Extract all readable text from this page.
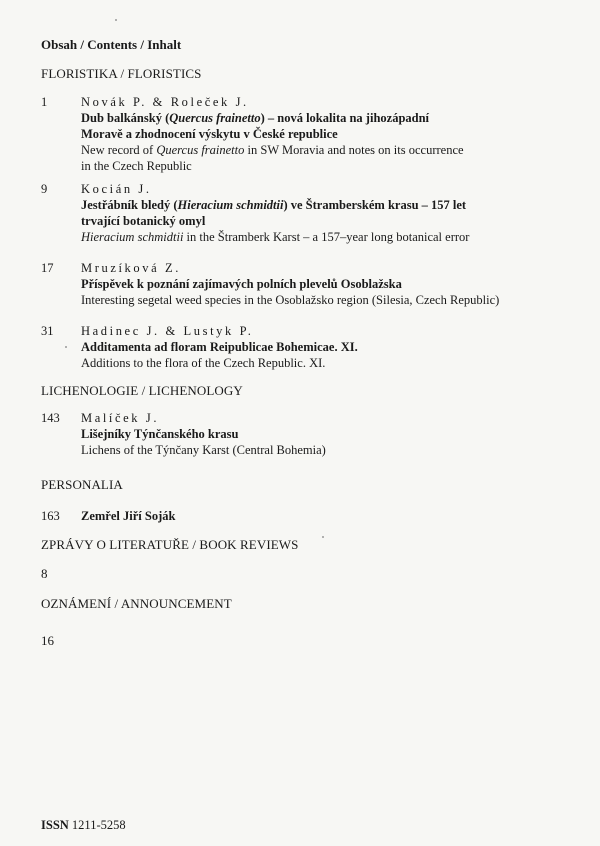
Obsah / Contents / Inhalt
FLORISTIKA / FLORISTICS
1	Novák P. & Roleček J.
Dub balkánský (Quercus frainetto) – nová lokalita na jihozápadní
Moravě a zhodnocení výskytu v České republice
New record of Quercus frainetto in SW Moravia and notes on its occurrence
in the Czech Republic
9	Kocián J.
Jestřábník bledý (Hieracium schmidtii) ve Štramberském krasu – 157 let
trvající botanický omyl
Hieracium schmidtii in the Štramberk Karst – a 157–year long botanical error
17 Mruzíková Z.
Příspěvek k poznání zajímavých polních plevelů Osoblažska
Interesting segetal weed species in the Osoblažsko region (Silesia, Czech Republic)
31 Hadinec J. & Lustyk P.
Additamenta ad floram Reipublicae Bohemicae. XI.
Additions to the flora of the Czech Republic. XI.
LICHENOLOGIE / LICHENOLOGY
143 Malíček J.
Lišejníky Týnčanského krasu
Lichens of the Týnčany Karst (Central Bohemia)
PERSONALIA
163 Zemřel Jiří Soják
ZPRÁVY O LITERATUŘE / BOOK REVIEWS
8
OZNÁMENÍ / ANNOUNCEMENT
16
ISSN 1211-5258
